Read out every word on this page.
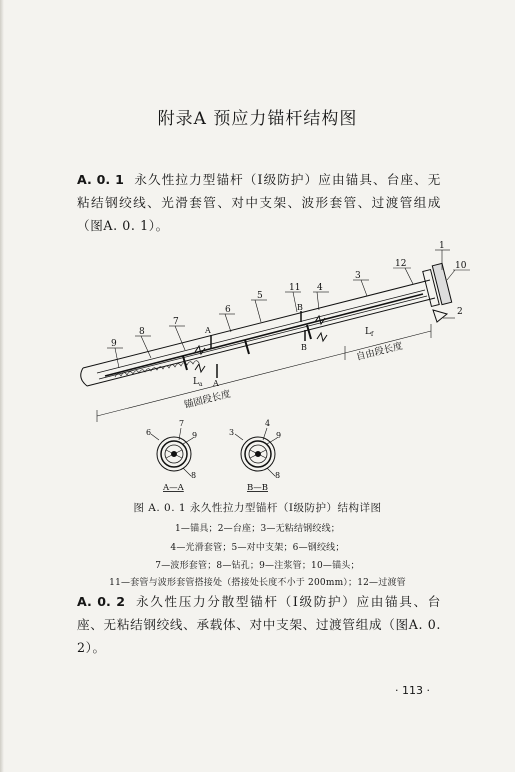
附录A 预应力锚杆结构图

A. 0. 1 永久性拉力型锚杆（Ⅰ级防护）应由锚具、台座、无粘结钢绞线、光滑套管、对中支架、波形套管、过渡管组成（图A. 0. 1）。

1
2
3
4
5
6
7
8
9
10
11
12
A
A
B
B
$L_f$
自由段长度
$L_a$
锚固段长度
6
7
9
8
A—A
3
4
9
8
B—B
图 A. 0. 1 永久性拉力型锚杆（Ⅰ级防护）结构详图
1—锚具；2—台座；3—无粘结钢绞线；
4—光滑套管；5—对中支架；6—钢绞线；
7—波形套管；8—钻孔；9—注浆管；10—锚头；
11—套管与波形套管搭接处（搭接处长度不小于 200mm）；12—过渡管

A. 0. 2 永久性压力分散型锚杆（Ⅰ级防护）应由锚具、台座、无粘结钢绞线、承载体、对中支架、过渡管组成（图A. 0. 2）。

· 113 ·
